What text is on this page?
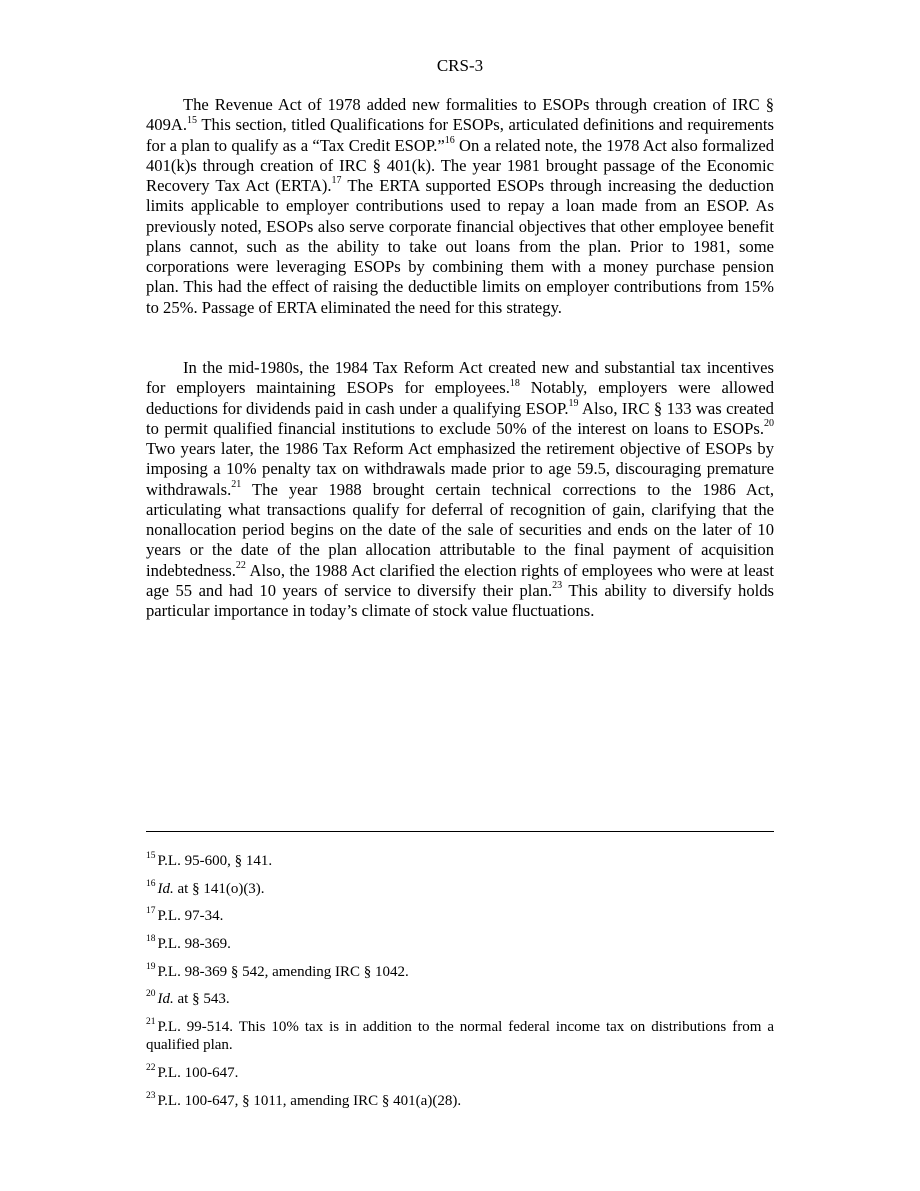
CRS-3

The Revenue Act of 1978 added new formalities to ESOPs through creation of IRC § 409A.$^{15}$ This section, titled Qualifications for ESOPs, articulated definitions and requirements for a plan to qualify as a “Tax Credit ESOP.”$^{16}$ On a related note, the 1978 Act also formalized 401(k)s through creation of IRC § 401(k). The year 1981 brought passage of the Economic Recovery Tax Act (ERTA).$^{17}$ The ERTA supported ESOPs through increasing the deduction limits applicable to employer contributions used to repay a loan made from an ESOP. As previously noted, ESOPs also serve corporate financial objectives that other employee benefit plans cannot, such as the ability to take out loans from the plan. Prior to 1981, some corporations were leveraging ESOPs by combining them with a money purchase pension plan. This had the effect of raising the deductible limits on employer contributions from 15% to 25%. Passage of ERTA eliminated the need for this strategy.

In the mid-1980s, the 1984 Tax Reform Act created new and substantial tax incentives for employers maintaining ESOPs for employees.$^{18}$ Notably, employers were allowed deductions for dividends paid in cash under a qualifying ESOP.$^{19}$ Also, IRC § 133 was created to permit qualified financial institutions to exclude 50% of the interest on loans to ESOPs.$^{20}$ Two years later, the 1986 Tax Reform Act emphasized the retirement objective of ESOPs by imposing a 10% penalty tax on withdrawals made prior to age 59.5, discouraging premature withdrawals.$^{21}$ The year 1988 brought certain technical corrections to the 1986 Act, articulating what transactions qualify for deferral of recognition of gain, clarifying that the nonallocation period begins on the date of the sale of securities and ends on the later of 10 years or the date of the plan allocation attributable to the final payment of acquisition indebtedness.$^{22}$ Also, the 1988 Act clarified the election rights of employees who were at least age 55 and had 10 years of service to diversify their plan.$^{23}$ This ability to diversify holds particular importance in today’s climate of stock value fluctuations.

$^{15}$ P.L. 95-600, § 141.

$^{16}$ Id. at § 141(o)(3).

$^{17}$ P.L. 97-34.

$^{18}$ P.L. 98-369.

$^{19}$ P.L. 98-369 § 542, amending IRC § 1042.

$^{20}$ Id. at § 543.

$^{21}$ P.L. 99-514. This 10% tax is in addition to the normal federal income tax on distributions from a qualified plan.

$^{22}$ P.L. 100-647.

$^{23}$ P.L. 100-647, § 1011, amending IRC § 401(a)(28).
